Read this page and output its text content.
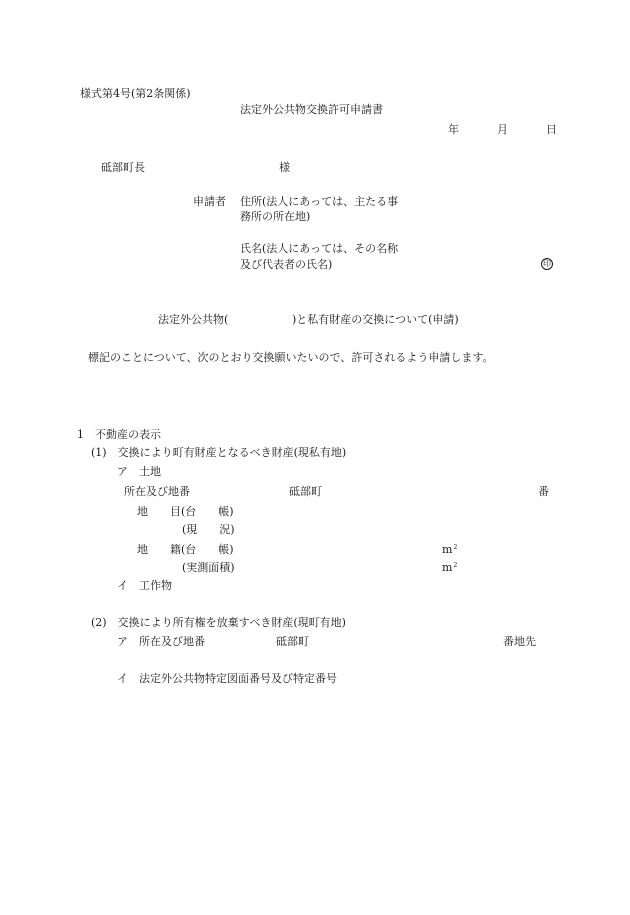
様式第4号(第2条関係)
法定外公共物交換許可申請書
年	月	日
砥部町長	様
申請者 住所(法人にあっては、主たる事
務所の所在地)
氏名(法人にあっては、その名称
及び代表者の氏名)	印
法定外公共物(	)と私有財産の交換について(申請)
標記のことについて、次のとおり交換願いたいので、許可されるよう申請します。
1　不動産の表示
(1)　交換により町有財産となるべき財産(現私有地)
ア　土地
所在及び地番	砥部町	番
地　　目(台　　帳)
(現　　況)
地　　籍(台　　帳)	$m^2$
(実測面積)	$m^2$
イ　工作物
(2)　交換により所有権を放棄すべき財産(現町有地)
ア　所在及び地番	砥部町	番地先
イ　法定外公共物特定図面番号及び特定番号
